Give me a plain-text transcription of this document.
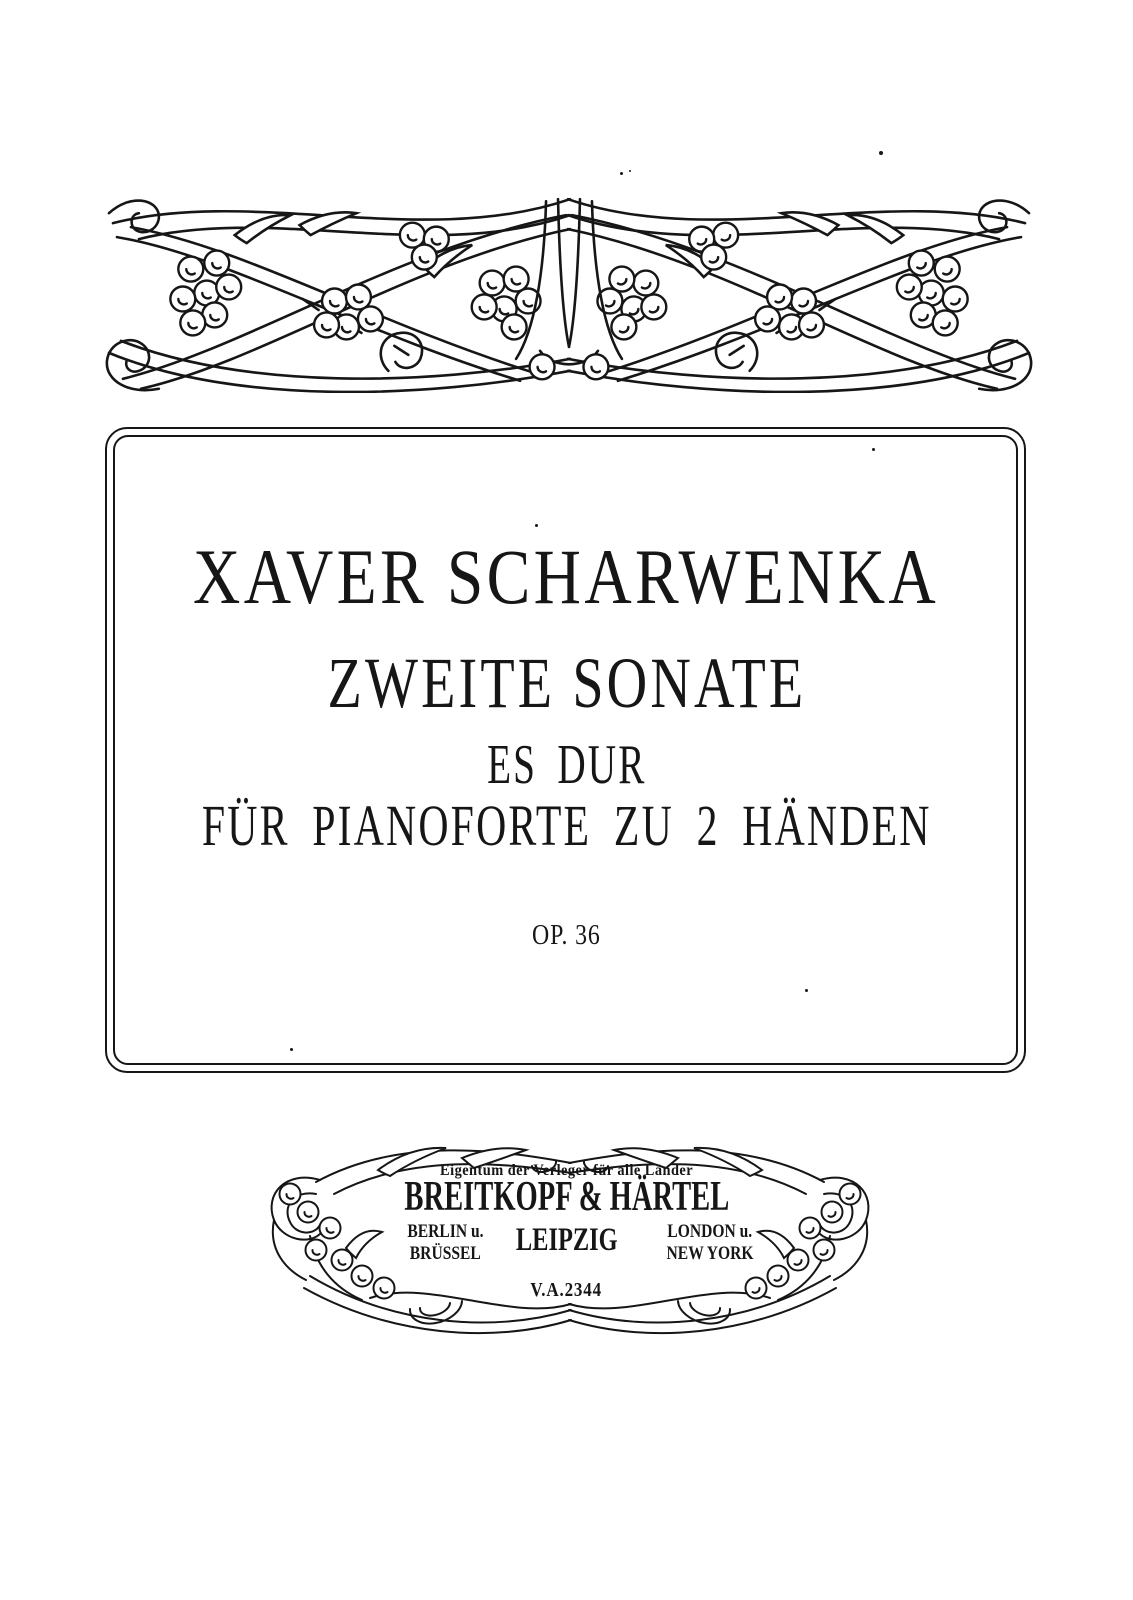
XAVER SCHARWENKA
ZWEITE SONATE
ES DUR
FÜR PIANOFORTE ZU 2 HÄNDEN
OP. 36
Eigentum der Verleger für alle Länder
BREITKOPF & HÄRTEL
BERLIN u.
BRÜSSEL	LEIPZIG	LONDON u.
NEW YORK
V.A.2344
